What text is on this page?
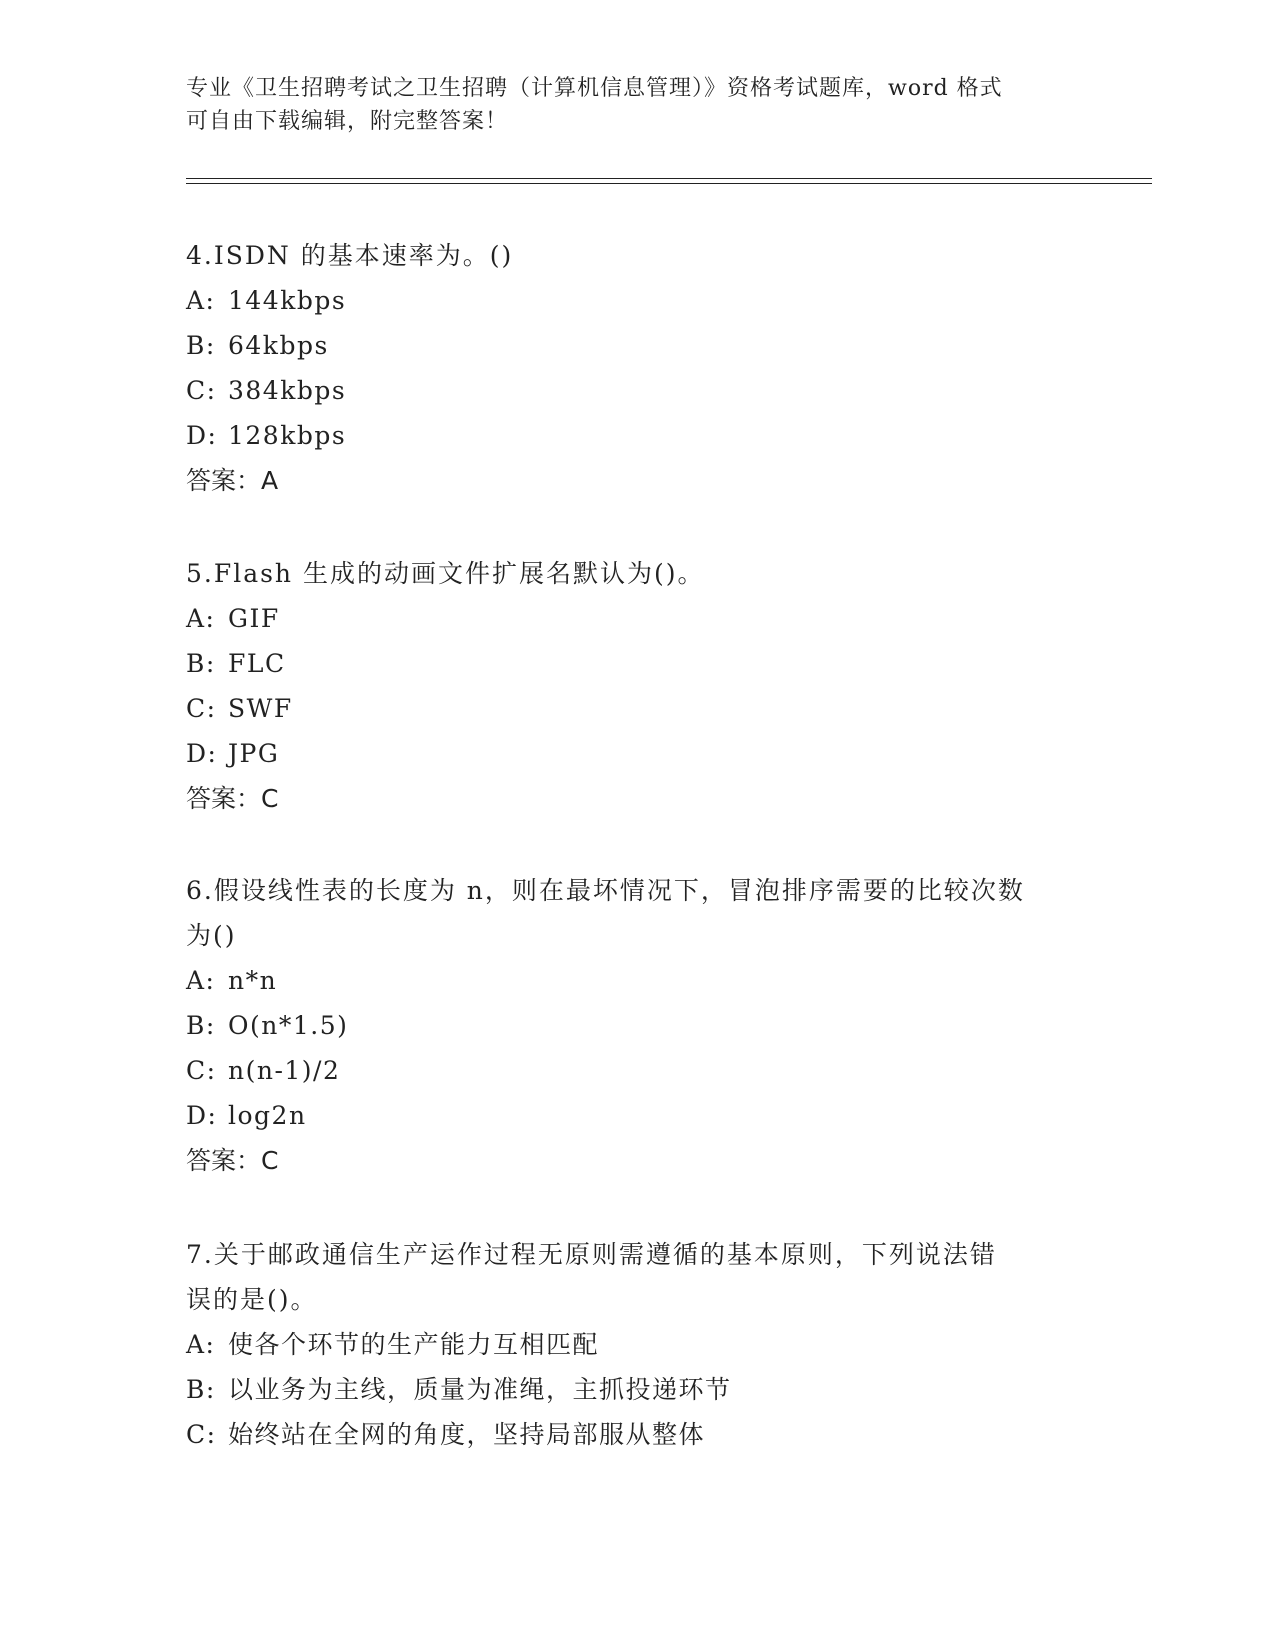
专业《卫生招聘考试之卫生招聘（计算机信息管理）》资格考试题库，word 格式
可自由下载编辑，附完整答案！
4.ISDN 的基本速率为。()
A: 144kbps
B: 64kbps
C: 384kbps
D: 128kbps
答案：A
5.Flash 生成的动画文件扩展名默认为()。
A: GIF
B: FLC
C: SWF
D: JPG
答案：C
6.假设线性表的长度为 n，则在最坏情况下，冒泡排序需要的比较次数
为()
A: n*n
B: O(n*1.5)
C: n(n-1)/2
D: log2n
答案：C
7.关于邮政通信生产运作过程无原则需遵循的基本原则，下列说法错
误的是()。
A: 使各个环节的生产能力互相匹配
B: 以业务为主线，质量为准绳，主抓投递环节
C: 始终站在全网的角度，坚持局部服从整体
